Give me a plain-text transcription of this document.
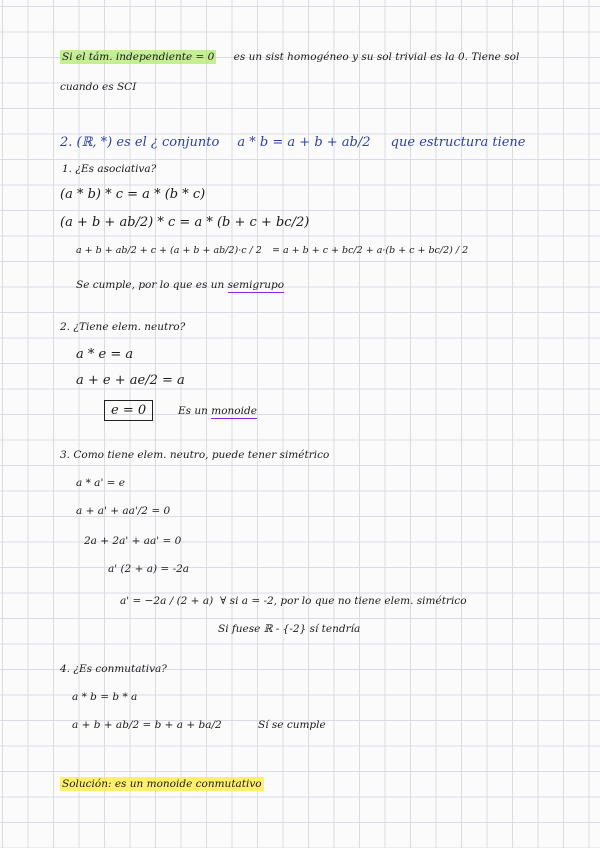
Si el tám. independiente = 0 es un sist homogéneo y su sol trivial es la 0. Tiene sol
cuando es SCI
2. (ℝ, *) es el ¿ conjunto a * b = a + b + ab/2 que estructura tiene
1. ¿Es asociativa?
(a * b) * c = a * (b * c)
(a + b + ab/2) * c = a * (b + c + bc/2)
a + b + ab/2 + c + (a + b + ab/2)·c / 2 = a + b + c + bc/2 + a·(b + c + bc/2) / 2
Se cumple, por lo que es un semigrupo
2. ¿Tiene elem. neutro?
a * e = a
a + e + ae/2 = a
e = 0	Es un monoide
3. Como tiene elem. neutro, puede tener simétrico
a * a' = e
a + a' + aa'/2 = 0
2a + 2a' + aa' = 0
a' (2 + a) = -2a
a' = −2a / (2 + a) ∀ si a = -2, por lo que no tiene elem. simétrico
Si fuese ℝ - {-2} sí tendría
4. ¿Es conmutativa?
a * b = b * a
a + b + ab/2 = b + a + ba/2	Sí se cumple
Solución: es un monoide conmutativo
